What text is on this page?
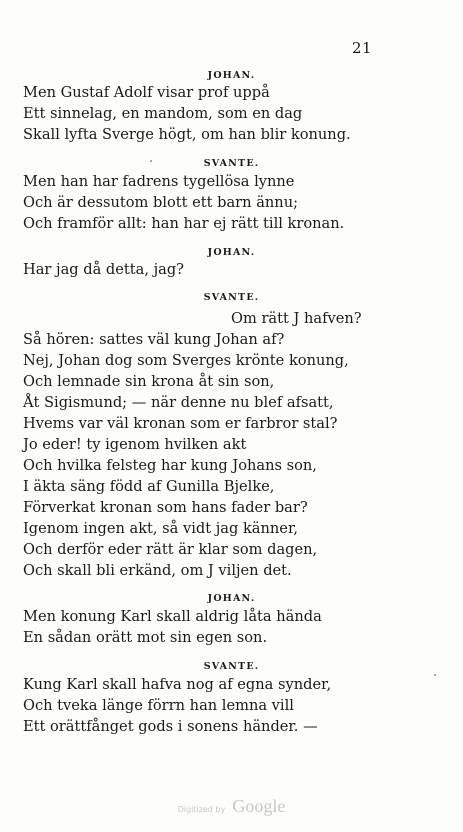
21
JOHAN.
Men Gustaf Adolf visar prof uppå
Ett sinnelag, en mandom, som en dag
Skall lyfta Sverge högt, om han blir konung.
SVANTE.
Men han har fadrens tygellösa lynne
Och är dessutom blott ett barn ännu;
Och framför allt: han har ej rätt till kronan.
JOHAN.
Har jag då detta, jag?
SVANTE.
Om rätt J hafven?
Så hören: sattes väl kung Johan af?
Nej, Johan dog som Sverges krönte konung,
Och lemnade sin krona åt sin son,
Åt Sigismund; — när denne nu blef afsatt,
Hvems var väl kronan som er farbror stal?
Jo eder! ty igenom hvilken akt
Och hvilka felsteg har kung Johans son,
I äkta säng född af Gunilla Bjelke,
Förverkat kronan som hans fader bar?
Igenom ingen akt, så vidt jag känner,
Och derför eder rätt är klar som dagen,
Och skall bli erkänd, om J viljen det.
JOHAN.
Men konung Karl skall aldrig låta hända
En sådan orätt mot sin egen son.
SVANTE.
Kung Karl skall hafva nog af egna synder,
Och tveka länge förrn han lemna vill
Ett orättfånget gods i sonens händer. —
Digitized by Google
